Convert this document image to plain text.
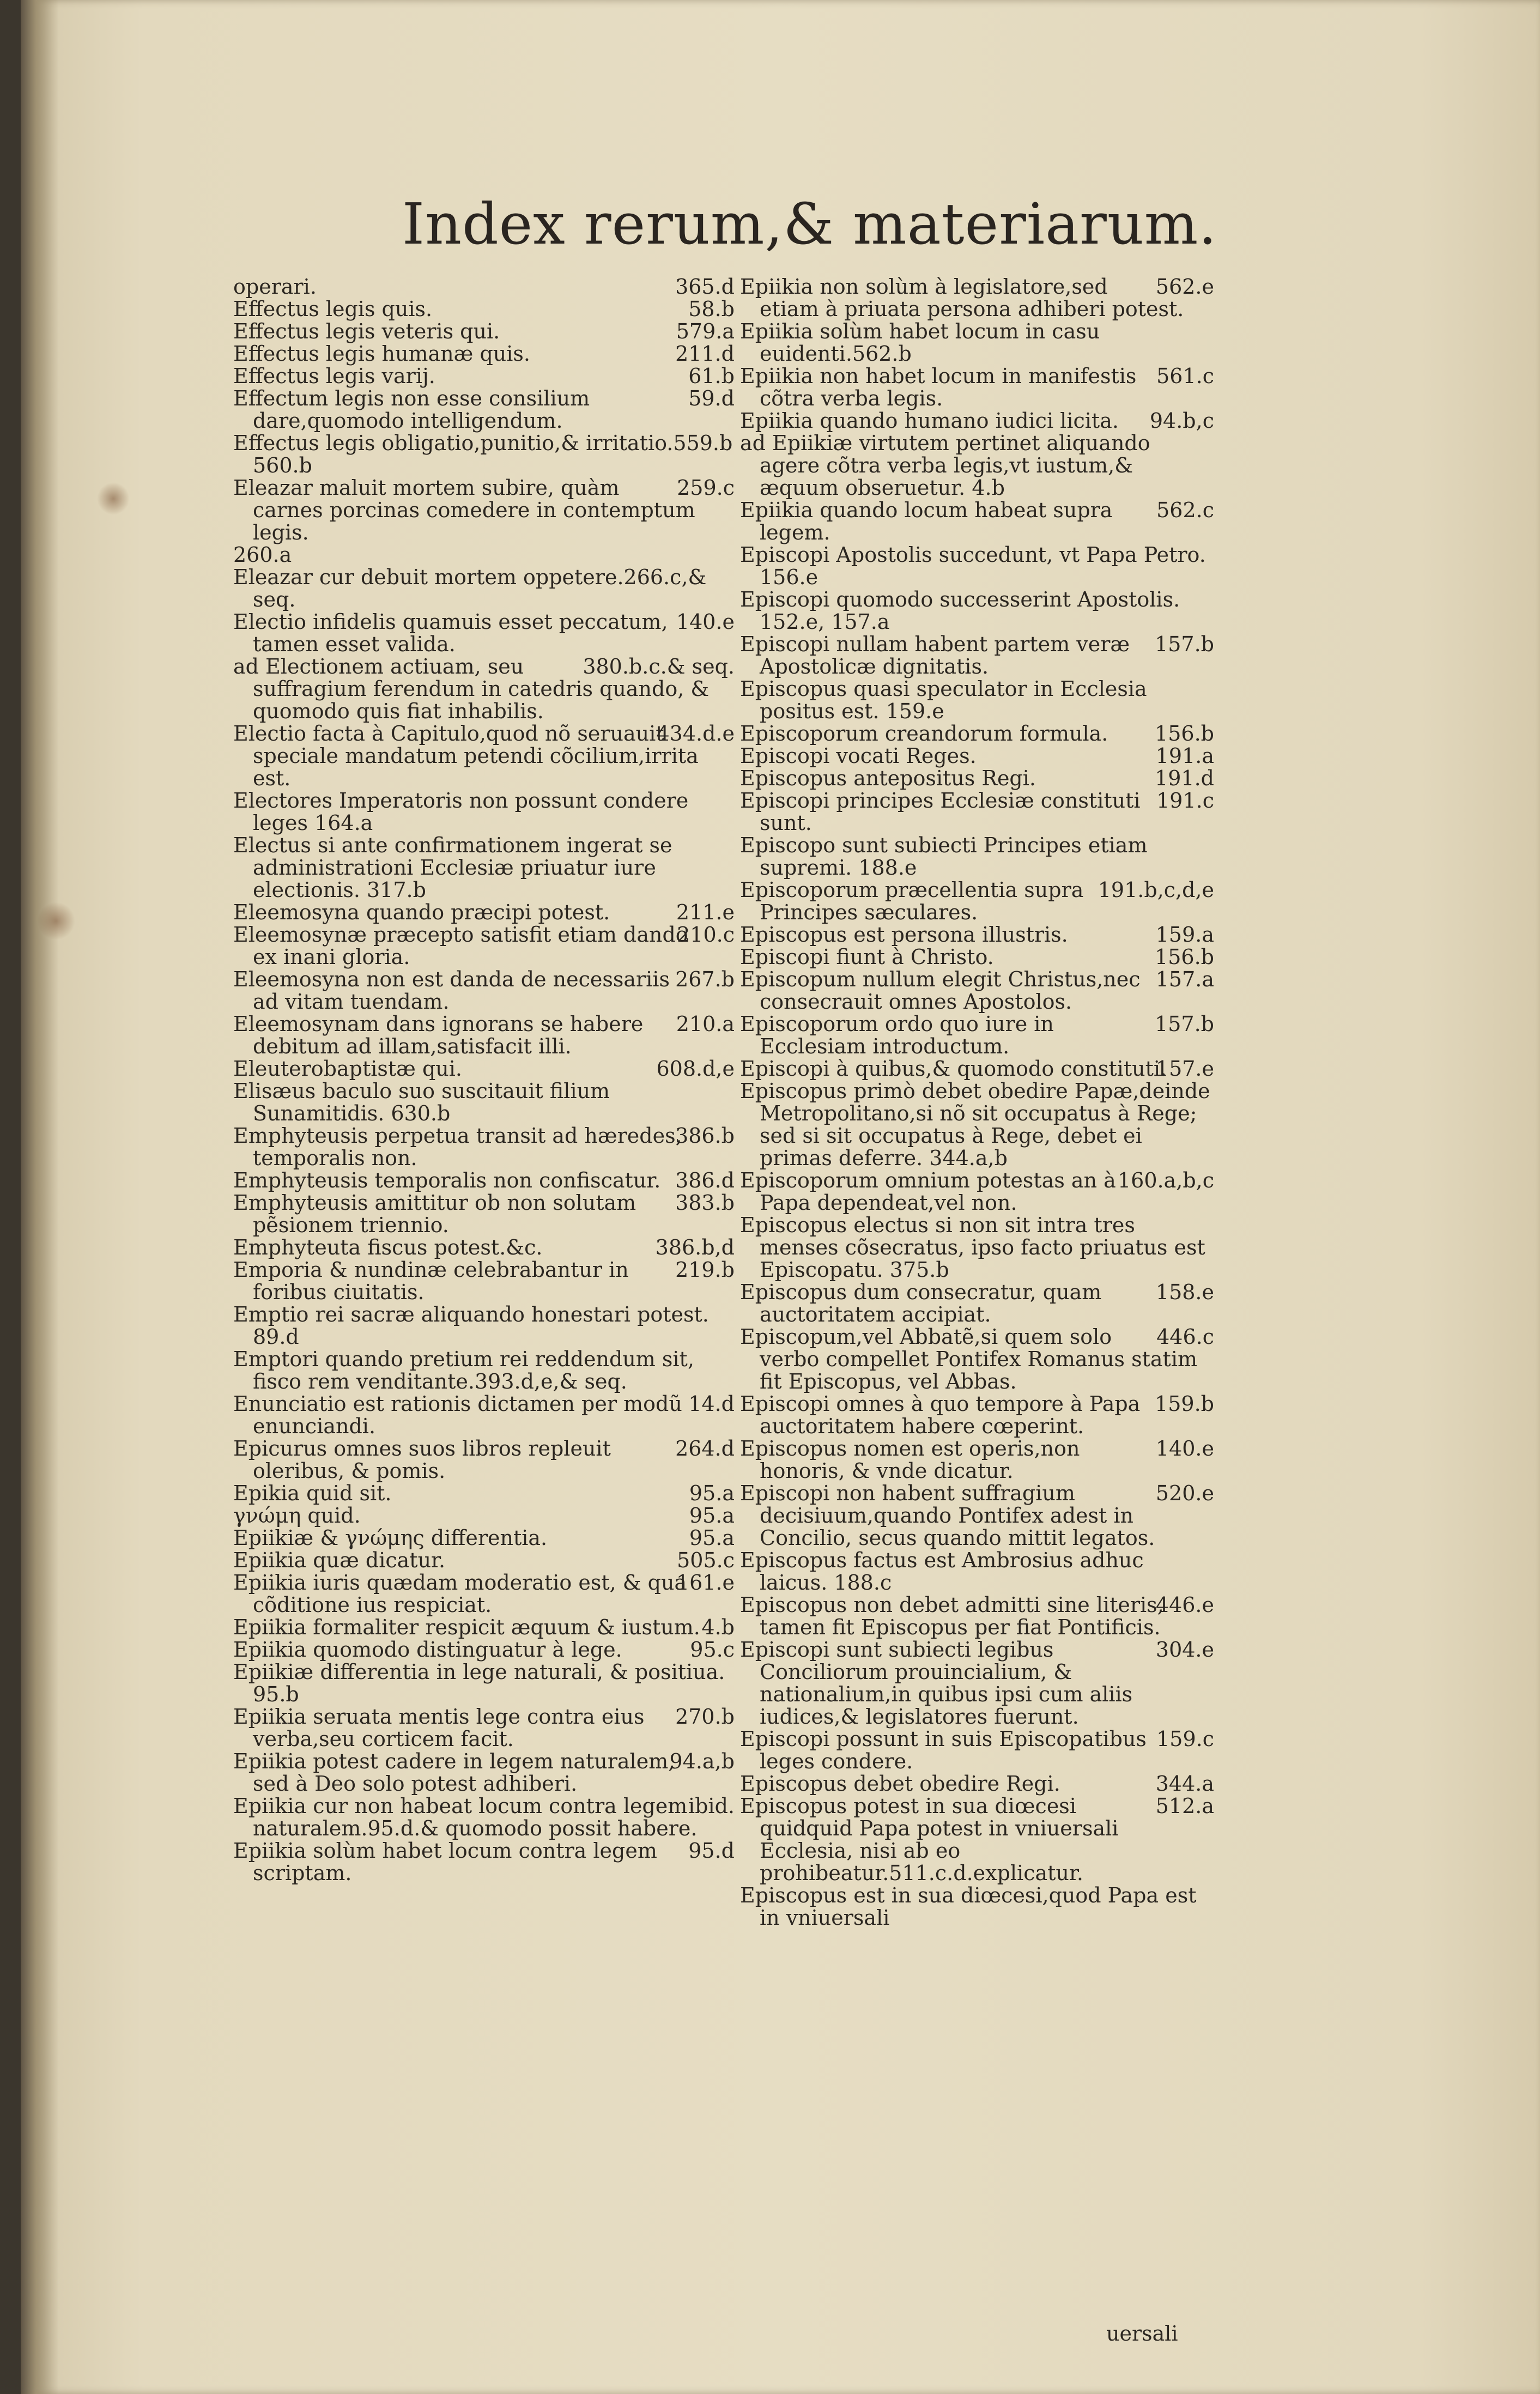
Index rerum,& materiarum.
365.d
operari.
58.b
Effectus legis quis.
579.a
Effectus legis veteris qui.
211.d
Effectus legis humanæ quis.
61.b
Effectus legis varij.
59.d
Effectum legis non esse consilium dare,quomodo intelligendum.
Effectus legis obligatio,punitio,& irritatio.559.b 560.b
259.c
Eleazar maluit mortem subire, quàm carnes porcinas comedere in contemptum legis.
260.a
Eleazar cur debuit mortem oppetere.266.c,& seq.
140.e
Electio infidelis quamuis esset peccatum, tamen esset valida.
380.b.c.& seq.
ad Electionem actiuam, seu suffragium ferendum in catedris quando, & quomodo quis fiat inhabilis.
434.d.e
Electio facta à Capitulo,quod nõ seruauit speciale mandatum petendi cõcilium,irrita est.
Electores Imperatoris non possunt condere leges 164.a
Electus si ante confirmationem ingerat se administrationi Ecclesiæ priuatur iure electionis. 317.b
211.e
Eleemosyna quando præcipi potest.
210.c
Eleemosynæ præcepto satisfit etiam dando ex inani gloria.
267.b
Eleemosyna non est danda de necessariis ad vitam tuendam.
210.a
Eleemosynam dans ignorans se habere debitum ad illam,satisfacit illi.
608.d,e
Eleuterobaptistæ qui.
Elisæus baculo suo suscitauit filium Sunamitidis. 630.b
386.b
Emphyteusis perpetua transit ad hæredes, temporalis non.
386.d
Emphyteusis temporalis non confiscatur.
383.b
Emphyteusis amittitur ob non solutam pẽsionem triennio.
386.b,d
Emphyteuta fiscus potest.&c.
219.b
Emporia & nundinæ celebrabantur in foribus ciuitatis.
Emptio rei sacræ aliquando honestari potest. 89.d
Emptori quando pretium rei reddendum sit, fisco rem venditante.393.d,e,& seq.
14.d
Enunciatio est rationis dictamen per modũ enunciandi.
264.d
Epicurus omnes suos libros repleuit oleribus, & pomis.
95.a
Epikia quid sit.
95.a
γνώμη quid.
95.a
Epiikiæ & γνώμης differentia.
505.c
Epiikia quæ dicatur.
161.e
Epiikia iuris quædam moderatio est, & qua cõditione ius respiciat.
4.b
Epiikia formaliter respicit æquum & iustum.
95.c
Epiikia quomodo distinguatur à lege.
Epiikiæ differentia in lege naturali, & positiua. 95.b
270.b
Epiikia seruata mentis lege contra eius verba,seu corticem facit.
94.a,b
Epiikia potest cadere in legem naturalem, sed à Deo solo potest adhiberi.
ibid.
Epiikia cur non habeat locum contra legem naturalem.95.d.& quomodo possit habere.
95.d
Epiikia solùm habet locum contra legem scriptam.
562.e
Epiikia non solùm à legislatore,sed etiam à priuata persona adhiberi potest.
Epiikia solùm habet locum in casu euidenti.562.b
561.c
Epiikia non habet locum in manifestis cõtra verba legis.
94.b,c
Epiikia quando humano iudici licita.
ad Epiikiæ virtutem pertinet aliquando agere cõtra verba legis,vt iustum,& æquum obseruetur. 4.b
562.c
Epiikia quando locum habeat supra legem.
Episcopi Apostolis succedunt, vt Papa Petro. 156.e
Episcopi quomodo successerint Apostolis. 152.e, 157.a
157.b
Episcopi nullam habent partem veræ Apostolicæ dignitatis.
Episcopus quasi speculator in Ecclesia positus est. 159.e
156.b
Episcoporum creandorum formula.
191.a
Episcopi vocati Reges.
191.d
Episcopus antepositus Regi.
191.c
Episcopi principes Ecclesiæ constituti sunt.
Episcopo sunt subiecti Principes etiam supremi. 188.e
191.b,c,d,e
Episcoporum præcellentia supra Principes sæculares.
159.a
Episcopus est persona illustris.
156.b
Episcopi fiunt à Christo.
157.a
Episcopum nullum elegit Christus,nec consecrauit omnes Apostolos.
157.b
Episcoporum ordo quo iure in Ecclesiam introductum.
157.e
Episcopi à quibus,& quomodo constituti.
Episcopus primò debet obedire Papæ,deinde Metropolitano,si nõ sit occupatus à Rege; sed si sit occupatus à Rege, debet ei primas deferre. 344.a,b
160.a,b,c
Episcoporum omnium potestas an à Papa dependeat,vel non.
Episcopus electus si non sit intra tres menses cõsecratus, ipso facto priuatus est Episcopatu. 375.b
158.e
Episcopus dum consecratur, quam auctoritatem accipiat.
446.c
Episcopum,vel Abbatẽ,si quem solo verbo compellet Pontifex Romanus statim fit Episcopus, vel Abbas.
159.b
Episcopi omnes à quo tempore à Papa auctoritatem habere cœperint.
140.e
Episcopus nomen est operis,non honoris, & vnde dicatur.
520.e
Episcopi non habent suffragium decisiuum,quando Pontifex adest in Concilio, secus quando mittit legatos.
Episcopus factus est Ambrosius adhuc laicus. 188.c
446.e
Episcopus non debet admitti sine literis, tamen fit Episcopus per fiat Pontificis.
304.e
Episcopi sunt subiecti legibus Conciliorum prouincialium, & nationalium,in quibus ipsi cum aliis iudices,& legislatores fuerunt.
159.c
Episcopi possunt in suis Episcopatibus leges condere.
344.a
Episcopus debet obedire Regi.
512.a
Episcopus potest in sua diœcesi quidquid Papa potest in vniuersali Ecclesia, nisi ab eo prohibeatur.511.c.d.explicatur.
Episcopus est in sua diœcesi,quod Papa est in vniuersali
uersali
